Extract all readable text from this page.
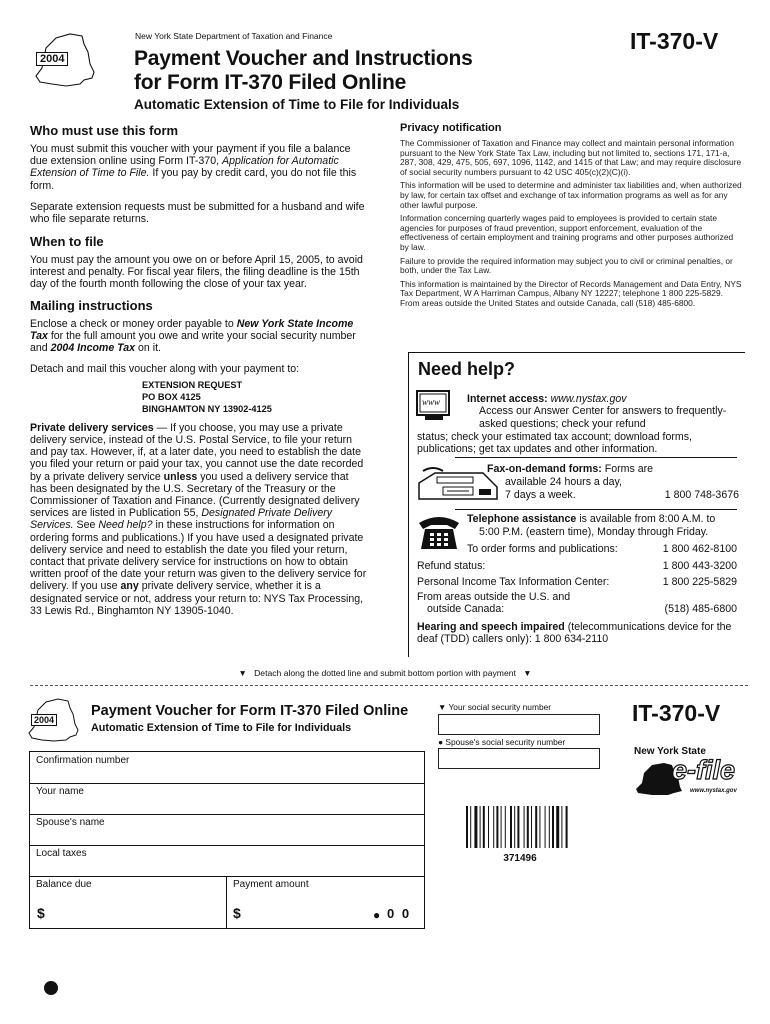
2004
New York State Department of Taxation and Finance
Payment Voucher and Instructions
for Form IT-370 Filed Online
Automatic Extension of Time to File for Individuals
IT-370-V
Who must use this form

You must submit this voucher with your payment if you file a balance due extension online using Form IT-370, Application for Automatic Extension of Time to File. If you pay by credit card, you do not file this form.

Separate extension requests must be submitted for a husband and wife who file separate returns.

When to file

You must pay the amount you owe on or before April 15, 2005, to avoid interest and penalty. For fiscal year filers, the filing deadline is the 15th day of the fourth month following the close of your tax year.

Mailing instructions

Enclose a check or money order payable to New York State Income Tax for the full amount you owe and write your social security number and 2004 Income Tax on it.

Detach and mail this voucher along with your payment to:

EXTENSION REQUEST
PO BOX 4125
BINGHAMTON NY 13902-4125

Private delivery services — If you choose, you may use a private delivery service, instead of the U.S. Postal Service, to file your return and pay tax. However, if, at a later date, you need to establish the date you filed your return or paid your tax, you cannot use the date recorded by a private delivery service unless you used a delivery service that has been designated by the U.S. Secretary of the Treasury or the Commissioner of Taxation and Finance. (Currently designated delivery services are listed in Publication 55, Designated Private Delivery Services. See Need help? in these instructions for information on ordering forms and publications.) If you have used a designated private delivery service and need to establish the date you filed your return, contact that private delivery service for instructions on how to obtain written proof of the date your return was given to the delivery service for delivery. If you use any private delivery service, whether it is a designated service or not, address your return to: NYS Tax Processing, 33 Lewis Rd., Binghamton NY 13905-1040.

Privacy notification

The Commissioner of Taxation and Finance may collect and maintain personal information pursuant to the New York State Tax Law, including but not limited to, sections 171, 171-a, 287, 308, 429, 475, 505, 697, 1096, 1142, and 1415 of that Law; and may require disclosure of social security numbers pursuant to 42 USC 405(c)(2)(C)(i).

This information will be used to determine and administer tax liabilities and, when authorized by law, for certain tax offset and exchange of tax information programs as well as for any other lawful purpose.

Information concerning quarterly wages paid to employees is provided to certain state agencies for purposes of fraud prevention, support enforcement, evaluation of the effectiveness of certain employment and training programs and other purposes authorized by law.

Failure to provide the required information may subject you to civil or criminal penalties, or both, under the Tax Law.

This information is maintained by the Director of Records Management and Data Entry, NYS Tax Department, W A Harriman Campus, Albany NY 12227; telephone 1 800 225-5829. From areas outside the United States and outside Canada, call (518) 485-6800.

Need help?
www	Internet access: www.nystax.gov

Access our Answer Center for answers to frequently-asked questions; check your refund
status; check your estimated tax account; download forms, publications; get tax updates and other information.
Fax-on-demand forms: Forms are
available 24 hours a day,
7 days a week.	1 800 748-3676
Telephone assistance is available from 8:00 A.M. to
5:00 P.M. (eastern time), Monday through Friday.
To order forms and publications:	1 800 462-8100
Refund status:	1 800 443-3200
Personal Income Tax Information Center:	1 800 225-5829
From areas outside the U.S. and
outside Canada:	(518) 485-6800
Hearing and speech impaired (telecommunications device for the deaf (TDD) callers only): 1 800 634-2110
▼ Detach along the dotted line and submit bottom portion with payment ▼
2004
Payment Voucher for Form IT-370 Filed Online
Automatic Extension of Time to File for Individuals
▼ Your social security number
● Spouse's social security number
IT-370-V
New York State
e-file
www.nystax.gov
371496
Confirmation number
Your name
Spouse's name
Local taxes
Balance due
$
Payment amount
$	● 0 0
